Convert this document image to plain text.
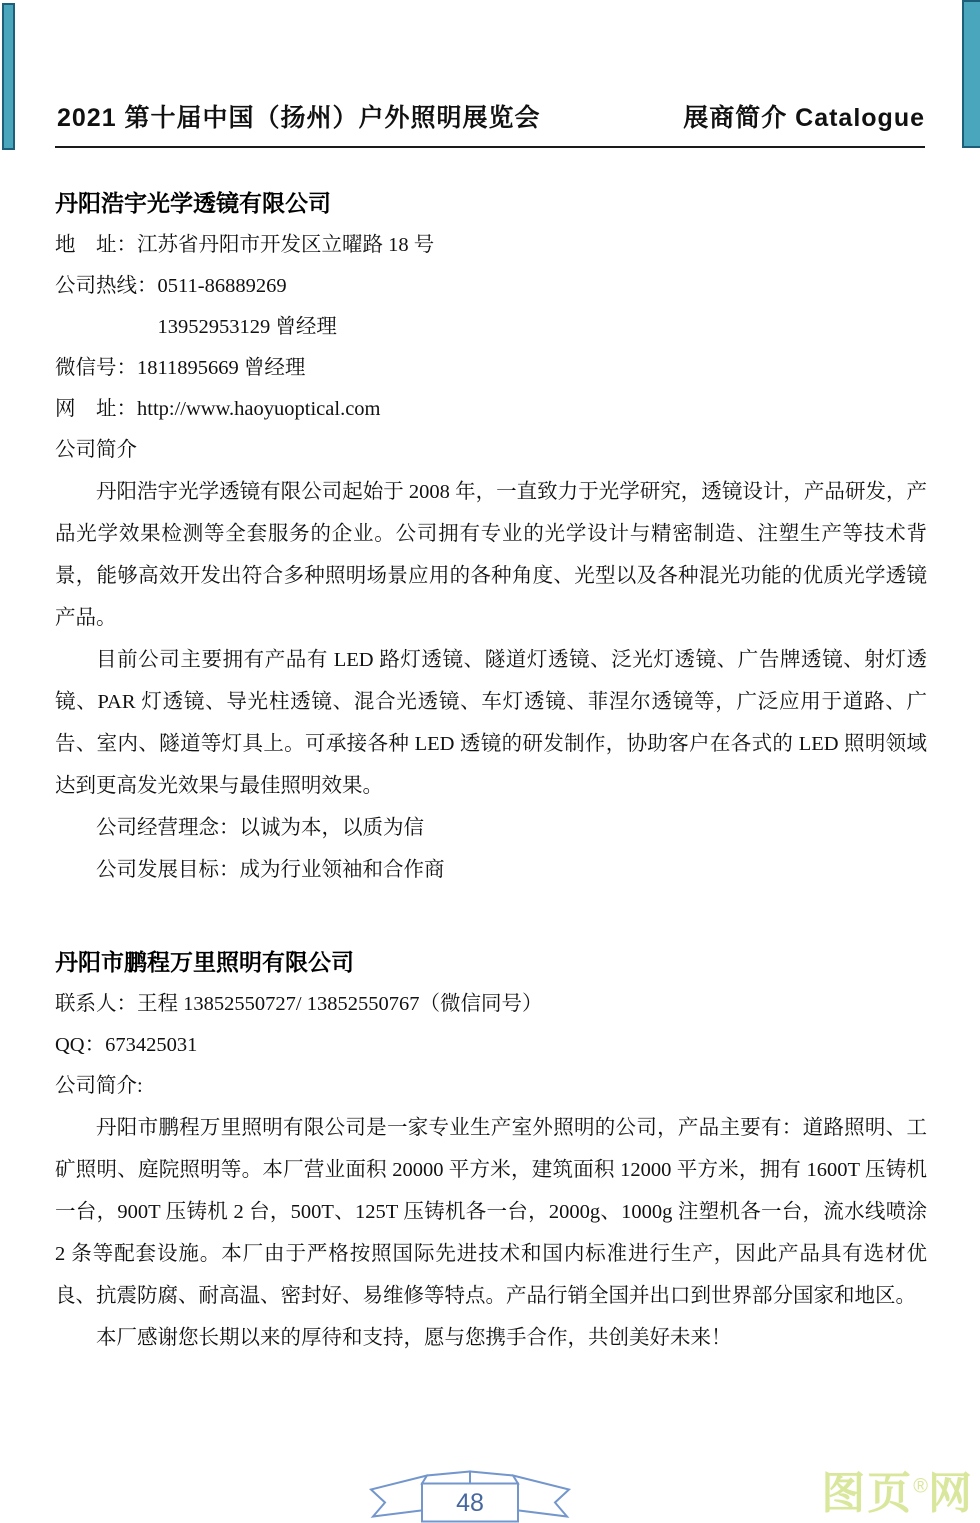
2021 第十届中国（扬州）户外照明展览会	展商简介 Catalogue
丹阳浩宇光学透镜有限公司
地　址：江苏省丹阳市开发区立曜路 18 号
公司热线：0511-86889269
　　　　　13952953129 曾经理
微信号：1811895669 曾经理
网　址：http://www.haoyuoptical.com
公司简介

丹阳浩宇光学透镜有限公司起始于 2008 年，一直致力于光学研究，透镜设计，产品研发，产品光学效果检测等全套服务的企业。公司拥有专业的光学设计与精密制造、注塑生产等技术背景，能够高效开发出符合多种照明场景应用的各种角度、光型以及各种混光功能的优质光学透镜产品。

目前公司主要拥有产品有 LED 路灯透镜、隧道灯透镜、泛光灯透镜、广告牌透镜、射灯透镜、PAR 灯透镜、导光柱透镜、混合光透镜、车灯透镜、菲涅尔透镜等，广泛应用于道路、广告、室内、隧道等灯具上。可承接各种 LED 透镜的研发制作，协助客户在各式的 LED 照明领域达到更高发光效果与最佳照明效果。

公司经营理念：以诚为本，以质为信

公司发展目标：成为行业领袖和合作商

丹阳市鹏程万里照明有限公司
联系人：王程 13852550727/ 13852550767（微信同号）
QQ：673425031
公司简介:

丹阳市鹏程万里照明有限公司是一家专业生产室外照明的公司，产品主要有：道路照明、工矿照明、庭院照明等。本厂营业面积 20000 平方米，建筑面积 12000 平方米，拥有 1600T 压铸机一台，900T 压铸机 2 台，500T、125T 压铸机各一台，2000g、1000g 注塑机各一台，流水线喷涂 2 条等配套设施。本厂由于严格按照国际先进技术和国内标准进行生产，因此产品具有选材优良、抗震防腐、耐高温、密封好、易维修等特点。产品行销全国并出口到世界部分国家和地区。

本厂感谢您长期以来的厚待和支持，愿与您携手合作，共创美好未来！

48	图页®网
